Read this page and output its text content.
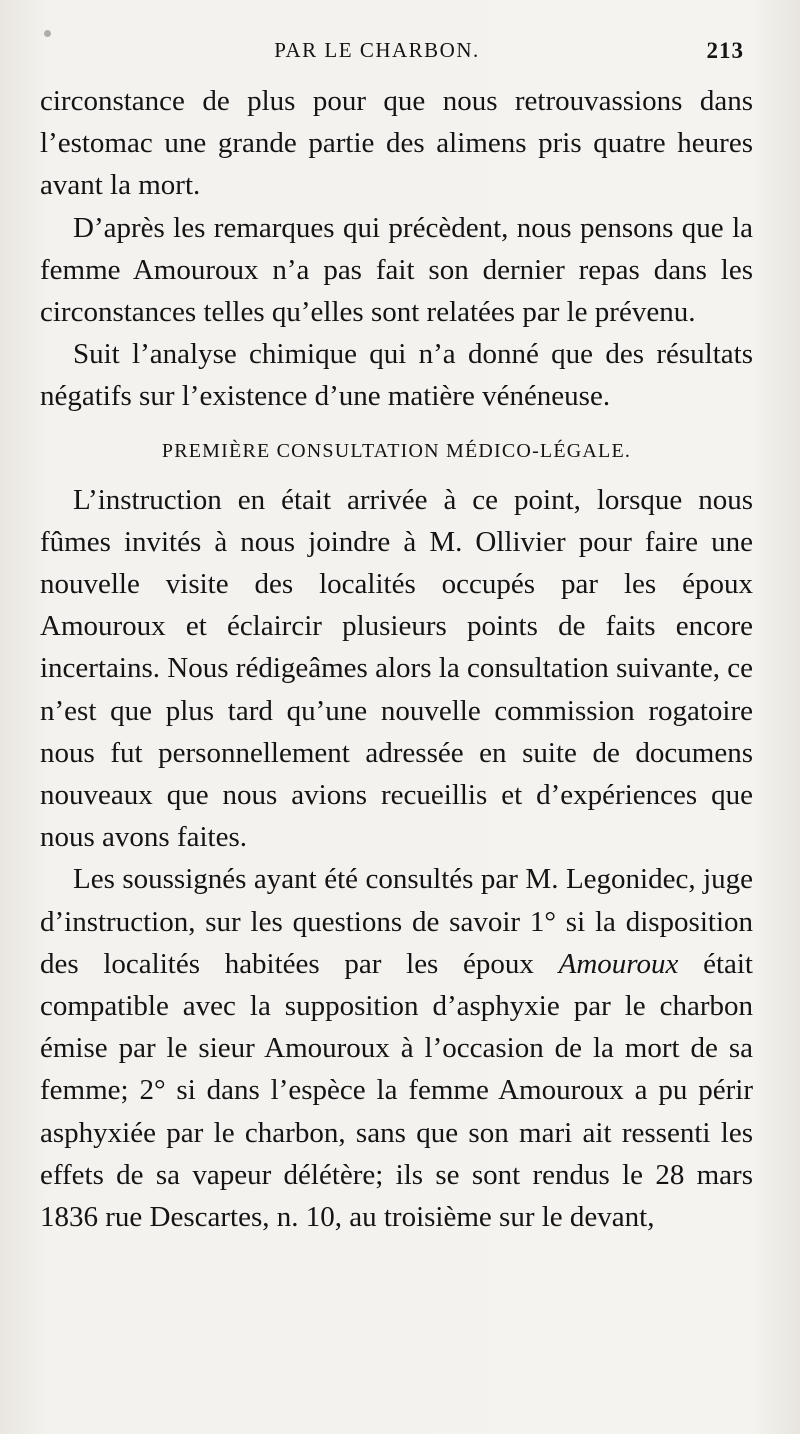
PAR LE CHARBON.	213

circonstance de plus pour que nous retrouvassions dans l’estomac une grande partie des alimens pris quatre heures avant la mort.

D’après les remarques qui précèdent, nous pensons que la femme Amouroux n’a pas fait son dernier repas dans les circonstances telles qu’elles sont relatées par le prévenu.

Suit l’analyse chimique qui n’a donné que des résultats négatifs sur l’existence d’une matière vénéneuse.

PREMIÈRE CONSULTATION MÉDICO-LÉGALE.

L’instruction en était arrivée à ce point, lorsque nous fûmes invités à nous joindre à M. Ollivier pour faire une nouvelle visite des localités occupés par les époux Amouroux et éclaircir plusieurs points de faits encore incertains. Nous rédigeâmes alors la consultation suivante, ce n’est que plus tard qu’une nouvelle commission rogatoire nous fut personnellement adressée en suite de documens nouveaux que nous avions recueillis et d’expériences que nous avons faites.

Les soussignés ayant été consultés par M. Legonidec, juge d’instruction, sur les questions de savoir 1° si la disposition des localités habitées par les époux Amouroux était compatible avec la supposition d’asphyxie par le charbon émise par le sieur Amouroux à l’occasion de la mort de sa femme; 2° si dans l’espèce la femme Amouroux a pu périr asphyxiée par le charbon, sans que son mari ait ressenti les effets de sa vapeur délétère; ils se sont rendus le 28 mars 1836 rue Descartes, n. 10, au troisième sur le devant,
